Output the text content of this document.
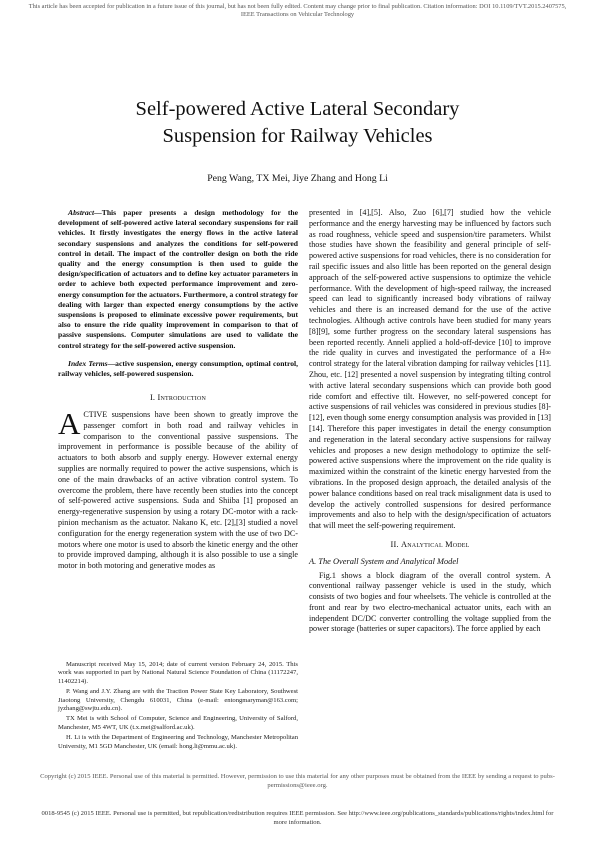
This article has been accepted for publication in a future issue of this journal, but has not been fully edited. Content may change prior to final publication. Citation information: DOI 10.1109/TVT.2015.2407575, IEEE Transactions on Vehicular Technology
Self-powered Active Lateral Secondary
Suspension for Railway Vehicles
Peng Wang, TX Mei, Jiye Zhang and Hong Li

Abstract—This paper presents a design methodology for the development of self-powered active lateral secondary suspensions for rail vehicles. It firstly investigates the energy flows in the active lateral secondary suspensions and analyzes the conditions for self-powered control in detail. The impact of the controller design on both the ride quality and the energy consumption is then used to guide the design/specification of actuators and to define key actuator parameters in order to achieve both expected performance improvement and zero-energy consumption for the actuators. Furthermore, a control strategy for dealing with larger than expected energy consumptions by the active suspensions is proposed to eliminate excessive power requirements, but also to ensure the ride quality improvement in comparison to that of passive suspensions. Computer simulations are used to validate the control strategy for the self-powered active suspension.

Index Terms—active suspension, energy consumption, optimal control, railway vehicles, self-powered suspension.

I. Introduction

ACTIVE suspensions have been shown to greatly improve the passenger comfort in both road and railway vehicles in comparison to the conventional passive suspensions. The improvement in performance is possible because of the ability of actuators to both absorb and supply energy. However external energy supplies are normally required to power the active suspensions, which is one of the main drawbacks of an active vibration control system. To overcome the problem, there have recently been studies into the concept of self-powered active suspensions. Suda and Shiiba [1] proposed an energy-regenerative suspension by using a rotary DC-motor with a rack-pinion mechanism as the actuator. Nakano K, etc. [2],[3] studied a novel configuration for the energy regeneration system with the use of two DC-motors where one motor is used to absorb the kinetic energy and the other to provide improved damping, although it is also possible to use a single motor in both motoring and generative modes as

Manuscript received May 15, 2014; date of current version February 24, 2015. This work was supported in part by National Natural Science Foundation of China (11172247, 11402214).

P. Wang and J.Y. Zhang are with the Traction Power State Key Laboratory, Southwest Jiaotong University, Chengdu 610031, China (e-mail: entongmaryman@163.com; jyzhang@swjtu.edu.cn).

TX Mei is with School of Computer, Science and Engineering, University of Salford, Manchester, M5 4WT, UK (t.x.mei@salford.ac.uk).

H. Li is with the Department of Engineering and Technology, Manchester Metropolitan University, M1 5GD Manchester, UK (email: hong.li@mmu.ac.uk).

presented in [4],[5]. Also, Zuo [6],[7] studied how the vehicle performance and the energy harvesting may be influenced by factors such as road roughness, vehicle speed and suspension/tire parameters. Whilst those studies have shown the feasibility and general principle of self-powered active suspensions for road vehicles, there is no consideration for rail specific issues and also little has been reported on the general design approach of the self-powered active suspensions to optimize the vehicle performance. With the development of high-speed railway, the increased speed can lead to significantly increased body vibrations of railway vehicles and there is an increased demand for the use of the active technologies. Although active controls have been studied for many years [8][9], some further progress on the secondary lateral suspensions has been reported recently. Anneli applied a hold-off-device [10] to improve the ride quality in curves and investigated the performance of a H∞ control strategy for the lateral vibration damping for railway vehicles [11]. Zhou, etc. [12] presented a novel suspension by integrating tilting control with active lateral secondary suspensions which can provide both good ride comfort and effective tilt. However, no self-powered concept for active suspensions of rail vehicles was considered in previous studies [8]-[12], even though some energy consumption analysis was provided in [13][14]. Therefore this paper investigates in detail the energy consumption and regeneration in the lateral secondary active suspensions for railway vehicles and proposes a new design methodology to optimize the self-powered active suspensions where the improvement on the ride quality is maximized within the constraint of the kinetic energy harvested from the vibrations. In the proposed design approach, the detailed analysis of the power balance conditions based on real track misalignment data is used to develop the actively controlled suspensions for desired performance improvements and also to help with the design/specification of actuators that will meet the self-powering requirement.

II. Analytical Model
A. The Overall System and Analytical Model

Fig.1 shows a block diagram of the overall control system. A conventional railway passenger vehicle is used in the study, which consists of two bogies and four wheelsets. The vehicle is controlled at the front and rear by two electro-mechanical actuator units, each with an independent DC/DC converter controlling the voltage supplied from the power storage (batteries or super capacitors). The force applied by each

Copyright (c) 2015 IEEE. Personal use of this material is permitted. However, permission to use this material for any other purposes must be obtained from the IEEE by sending a request to pubs-permissions@ieee.org.
0018-9545 (c) 2015 IEEE. Personal use is permitted, but republication/redistribution requires IEEE permission. See http://www.ieee.org/publications_standards/publications/rights/index.html for more information.
